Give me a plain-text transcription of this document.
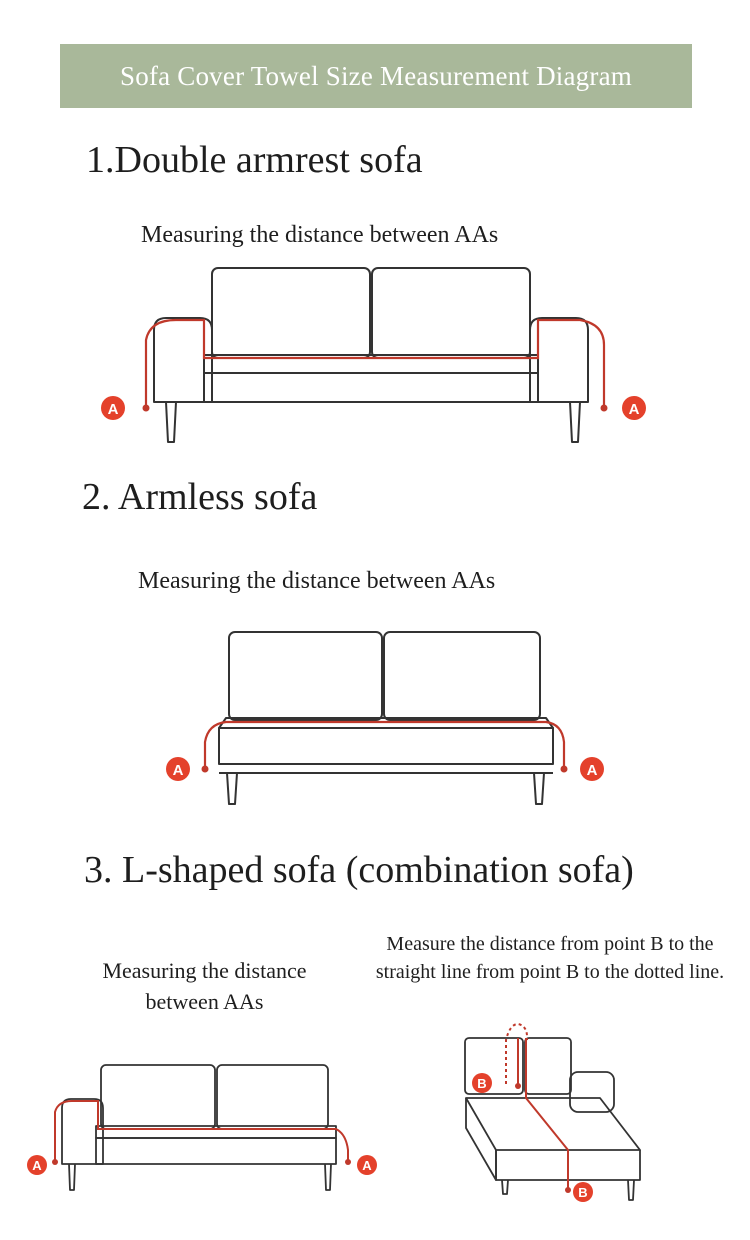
Sofa Cover Towel Size Measurement Diagram
1.Double armrest sofa
Measuring the distance between AAs
A	A
2. Armless sofa
Measuring the distance between AAs
A	A
3. L-shaped sofa (combination sofa)
Measuring the distance between AAs
Measure the distance from point B to the straight line from point B to the dotted line.
A	A
B
B
